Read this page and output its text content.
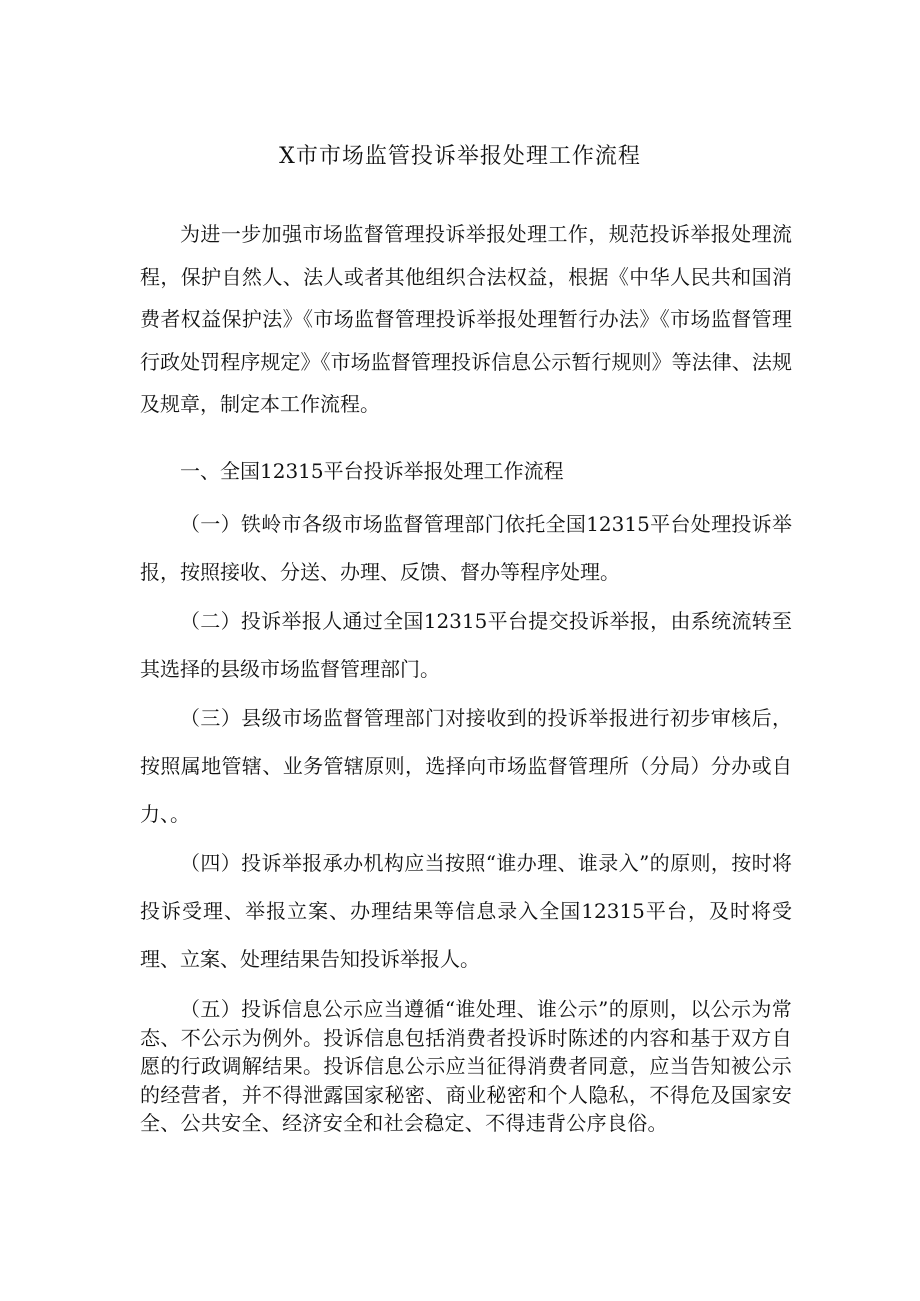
X市市场监管投诉举报处理工作流程

为进一步加强市场监督管理投诉举报处理工作，规范投诉举报处理流程，保护自然人、法人或者其他组织合法权益，根据《中华人民共和国消费者权益保护法》《市场监督管理投诉举报处理暂行办法》《市场监督管理行政处罚程序规定》《市场监督管理投诉信息公示暂行规则》等法律、法规及规章，制定本工作流程。

一、全国12315平台投诉举报处理工作流程

（一）铁岭市各级市场监督管理部门依托全国12315平台处理投诉举报，按照接收、分送、办理、反馈、督办等程序处理。

（二）投诉举报人通过全国12315平台提交投诉举报，由系统流转至其选择的县级市场监督管理部门。

（三）县级市场监督管理部门对接收到的投诉举报进行初步审核后，按照属地管辖、业务管辖原则，选择向市场监督管理所（分局）分办或自力、。

（四）投诉举报承办机构应当按照“谁办理、谁录入”的原则，按时将投诉受理、举报立案、办理结果等信息录入全国12315平台，及时将受理、立案、处理结果告知投诉举报人。

（五）投诉信息公示应当遵循“谁处理、谁公示”的原则，以公示为常态、不公示为例外。投诉信息包括消费者投诉时陈述的内容和基于双方自愿的行政调解结果。投诉信息公示应当征得消费者同意，应当告知被公示的经营者，并不得泄露国家秘密、商业秘密和个人隐私，不得危及国家安全、公共安全、经济安全和社会稳定、不得违背公序良俗。
